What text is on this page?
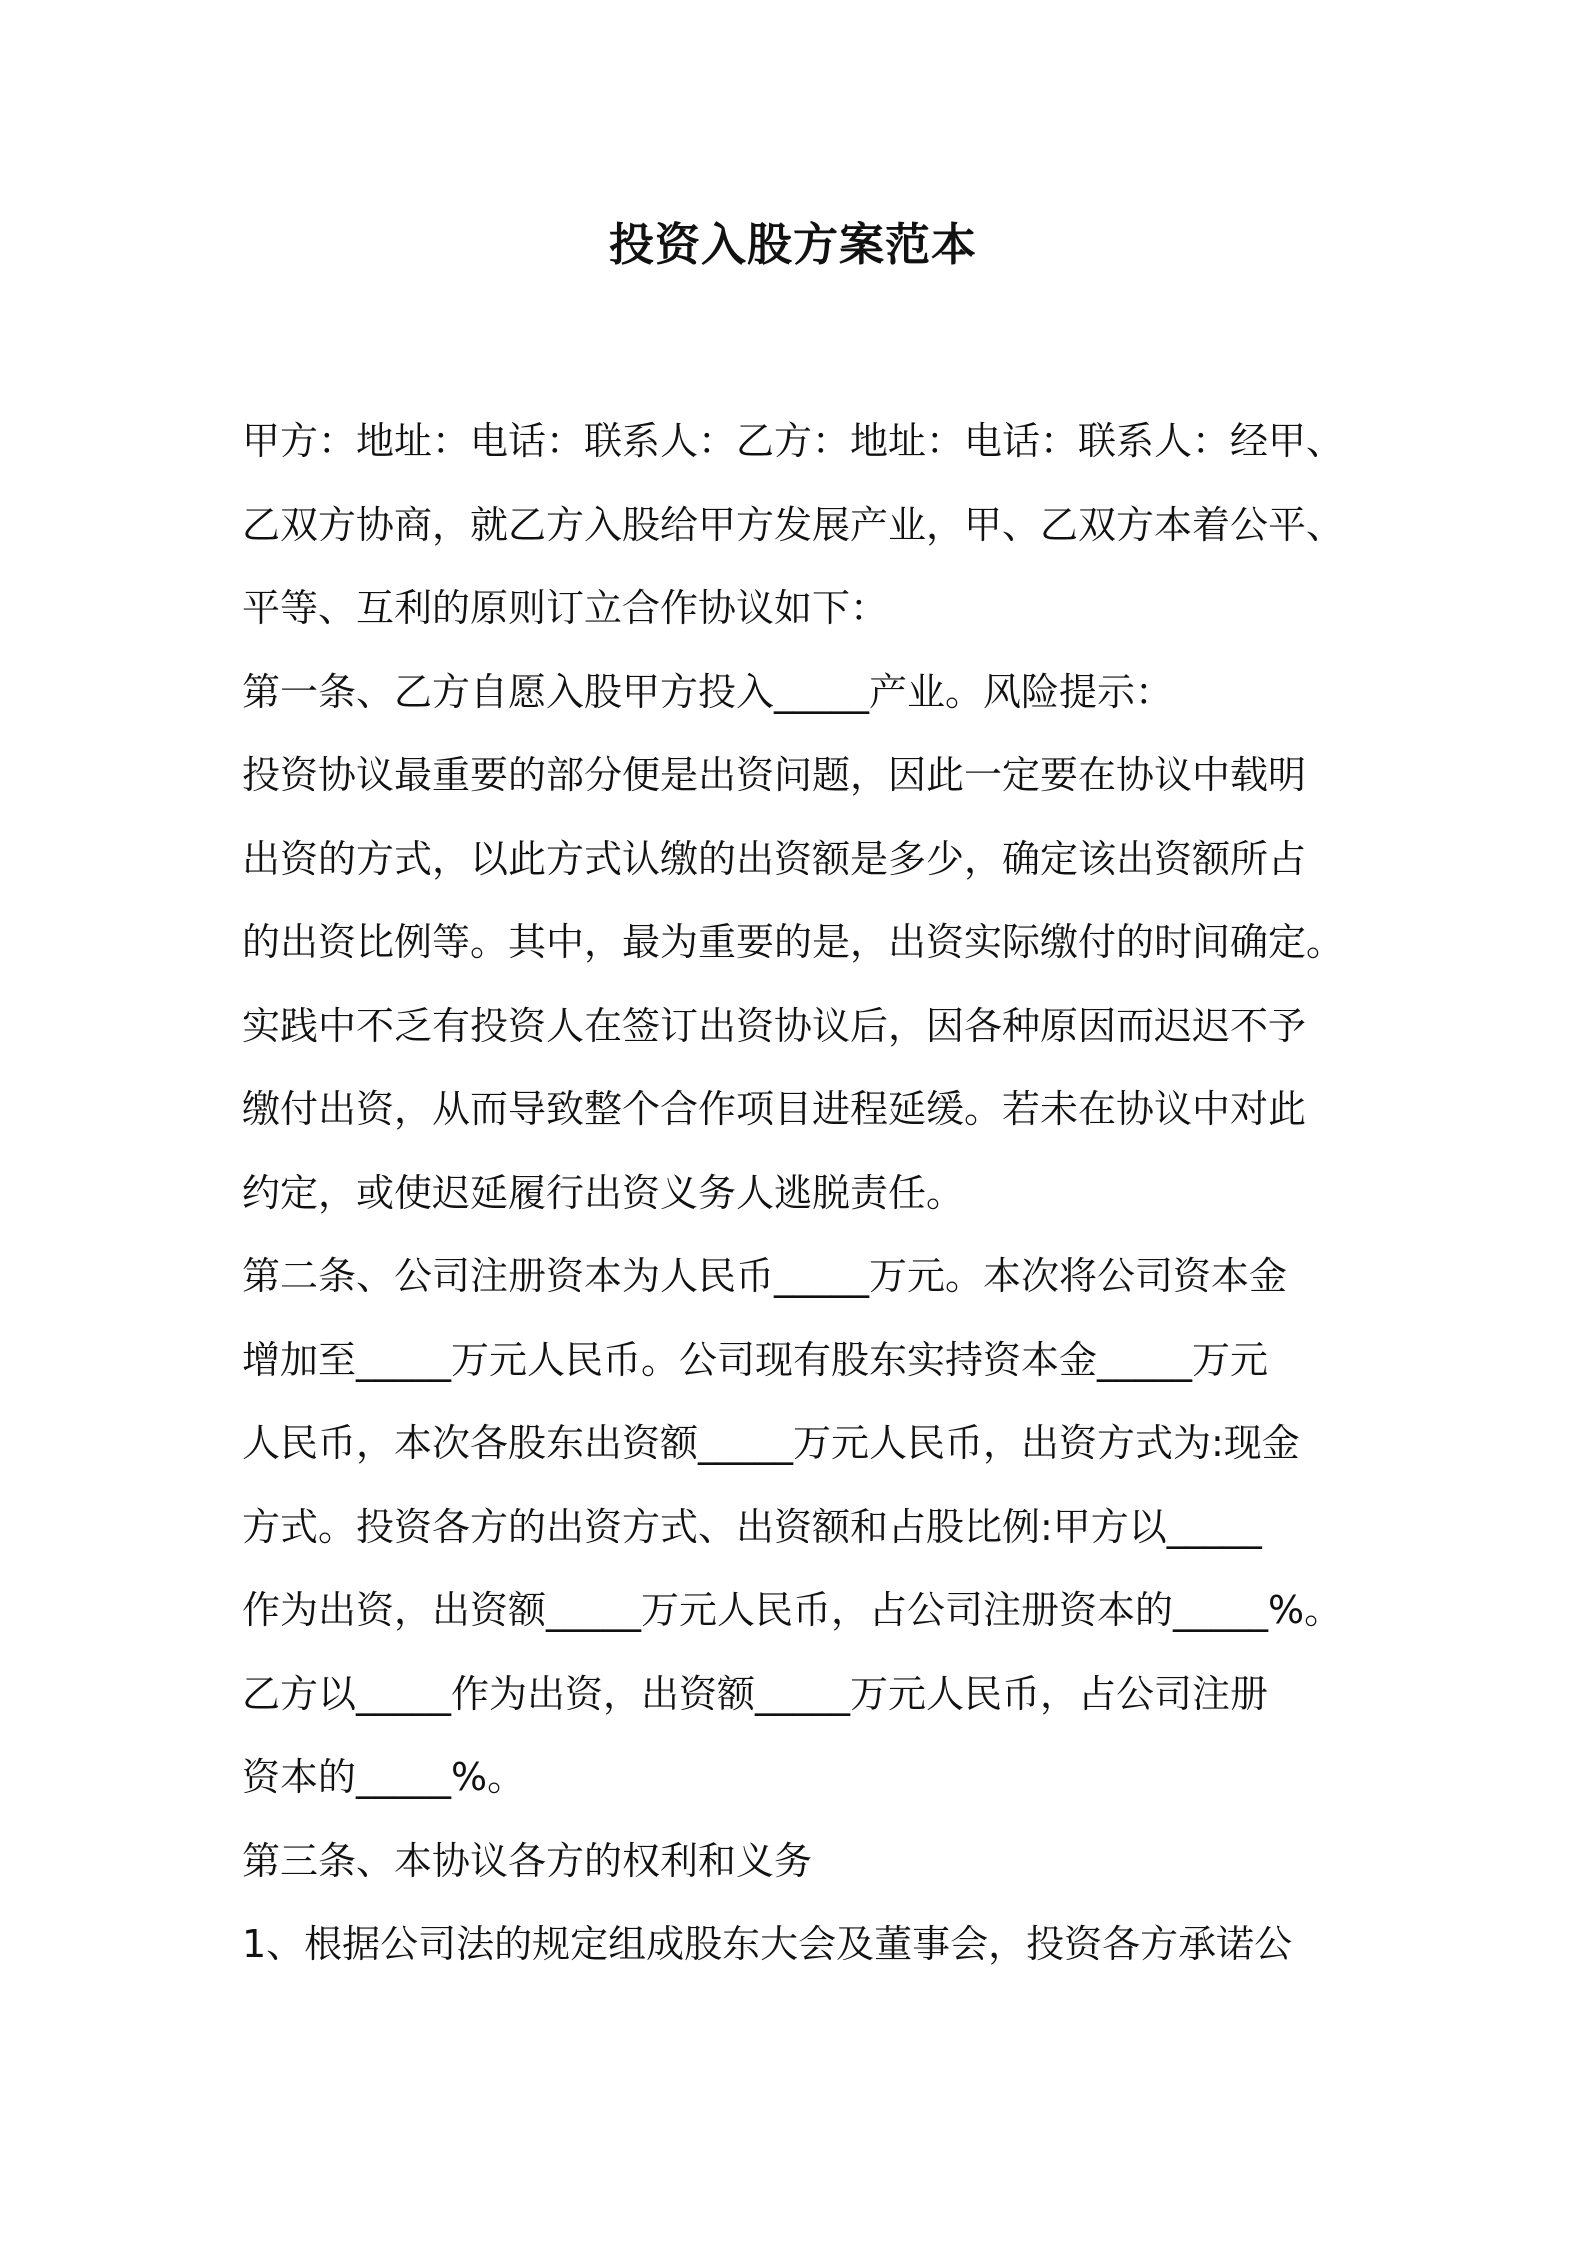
投资入股方案范本
甲方：地址：电话：联系人：乙方：地址：电话：联系人：经甲、
乙双方协商，就乙方入股给甲方发展产业，甲、乙双方本着公平、
平等、互利的原则订立合作协议如下：
第一条、乙方自愿入股甲方投入_____产业。风险提示：
投资协议最重要的部分便是出资问题，因此一定要在协议中载明
出资的方式，以此方式认缴的出资额是多少，确定该出资额所占
的出资比例等。其中，最为重要的是，出资实际缴付的时间确定。
实践中不乏有投资人在签订出资协议后，因各种原因而迟迟不予
缴付出资，从而导致整个合作项目进程延缓。若未在协议中对此
约定，或使迟延履行出资义务人逃脱责任。
第二条、公司注册资本为人民币_____万元。本次将公司资本金
增加至_____万元人民币。公司现有股东实持资本金_____万元
人民币，本次各股东出资额_____万元人民币，出资方式为:现金
方式。投资各方的出资方式、出资额和占股比例:甲方以_____
作为出资，出资额_____万元人民币，占公司注册资本的_____%。
乙方以_____作为出资，出资额_____万元人民币，占公司注册
资本的_____%。
第三条、本协议各方的权利和义务
1、根据公司法的规定组成股东大会及董事会，投资各方承诺公
